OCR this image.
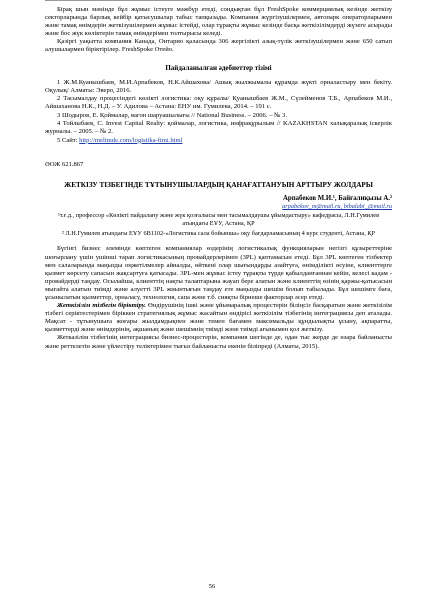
Бірақ шын мәнінде бұл жұмыс істеуге мәжбүр етеді, сондықтан бұл FreshSpoke коммерциялық кезінде жеткізу секторларында барлық кейбір қатысушылар табыс тапқызады. Компания жүргізушілермен, автопарк операторларымен және тамақ өнімдерін жеткізушілермен жұмыс істейді, олар тұрақты жұмыс кезінде басқа жеткізілімдерді жүзеге асырады және бос жүк көліктерін тамақ өнімдерімен толтырысы келеді.

Қазіргі уақытта компания Канада, Онтарио қаласында 306 жергілікті азық-түлік жеткізушілермен және 650 сатып алушылармен біріктірілер. FreshSpoke Отейо.

Пайдаланылған әдебиеттер тізімі

1 Ж.М.Куанышбаев, М.И.Арпабеков, Н.К.Айшахова/ Ашық жылжымалы құрамда жүкті орналастыру мен бекіту. Оқулық/ Алматы: Эверо, 2016.

2 Тасымалдау процесіндегі көлікті логистика: оқу құралы/ Қуанышбаев Ж.М., Сүлейменов Т.Б., Арпабеков М.И., Айшаханова Н.К., Н.Д. – У. Адилова – Астана: ЕНУ им. Гумилева, 2014. – 191 с.

3 Шодыров, Е. Қоймалар, вагон шаруашылығы // National Business. – 2006. – № 3.

4 Тойлыбаев, С. Invest Capital Realty: қоймалар, логистика, инфрақұрылым // KAZAKHSTAN халықаралық іскерлік журналы. – 2005. – № 2.

5 Сайт: http://melimde.com/logistika-fimi.html

ӘОЖ 621.867

ЖЕТКІЗУ ТІЗБЕГІНДЕ ТҰТЫНУШЫЛАРДЫҢ ҚАНАҒАТТАНУЫН АРТТЫРУ ЖОЛДАРЫ

Арпабеков М.И.¹, Байғалиқызы А.²

arpabekov_m@mail.ru, bibalabi_@mail.ru

¹т.ғ.д., профессор «Көлікті пайдалану және жүк қозғалысы мен тасымалдаушы ұйымдастыру» кафедрасы, Л.Н.Гумилев атындағы ЕҰУ, Астана, ҚР

² Л.Н.Гумилев атындағы ЕҰУ 6В1102-«Логистика сала бойынша» оқу бағдарламасының 4 курс студенті, Астана, ҚР

Бүгінгі бизнес әлемінде көптеген компаниялар өздерінің логистикалық функцияларын негізгі құзыреттеріне шоғырлану үшін ушінші тарап логистикасының провайдерлерімен (3PL) қаптамасын етеді. Бұл 3PL көптеген тізбектер мен салаларында маңызды оңжетілмелер айналды, өйткені олар шығындарды азайтуға, өнімділікті өсуіне, клиенттерге қызмет көрсету сапасын жақсартуға қатысады. 3PL-мен жұмыс істеу тұрақты түрде қабылданғаннан кейін, келесі кадам - провайдерді таңдау. Осылайша, клиенттің нақты талаптарына жауап бере алатын және клиенттің өзінің қаржы-қатысасын мығайта алатын тиімді және алуетті 3PL жиынтығын таңдау ете маңызды шешім болып табылады. Бұл шешімге баға, ұсынылатын қызметтер, орналасу, технология, сапа және т.б. сияқты бірнеше факторлар әсер етеді.

Жеткізілім тізбегін біріктіру. Өндірушінің ішкі және ұйымаралық процестерін біліңсіз басқаратын және жеткізілім тізбегі серіктестерімен біріккен стратегиялық жұмыс жасайтын өндірісі жеткізілім тізбегінің интеграциясы деп аталады. Мақсат - тұтынушыға жоғары жылдамдықпен және темен бағамен максимальды құндылықты ұсыну, ақпаратты, қызметтерді және өнімдерінің, ақшаның және шешімнің тиімді және тиімді ағынымен қол жеткізу.

Жетказілім тізбегінің интеграциясы бизнес-процестерін, компания шегінде де, одан тыс жерде де өзара байланысты және реттелетін және үйлестіру теліктерімен тығыз байланысты екенін біліпреді (Алматы, 2015).

56
